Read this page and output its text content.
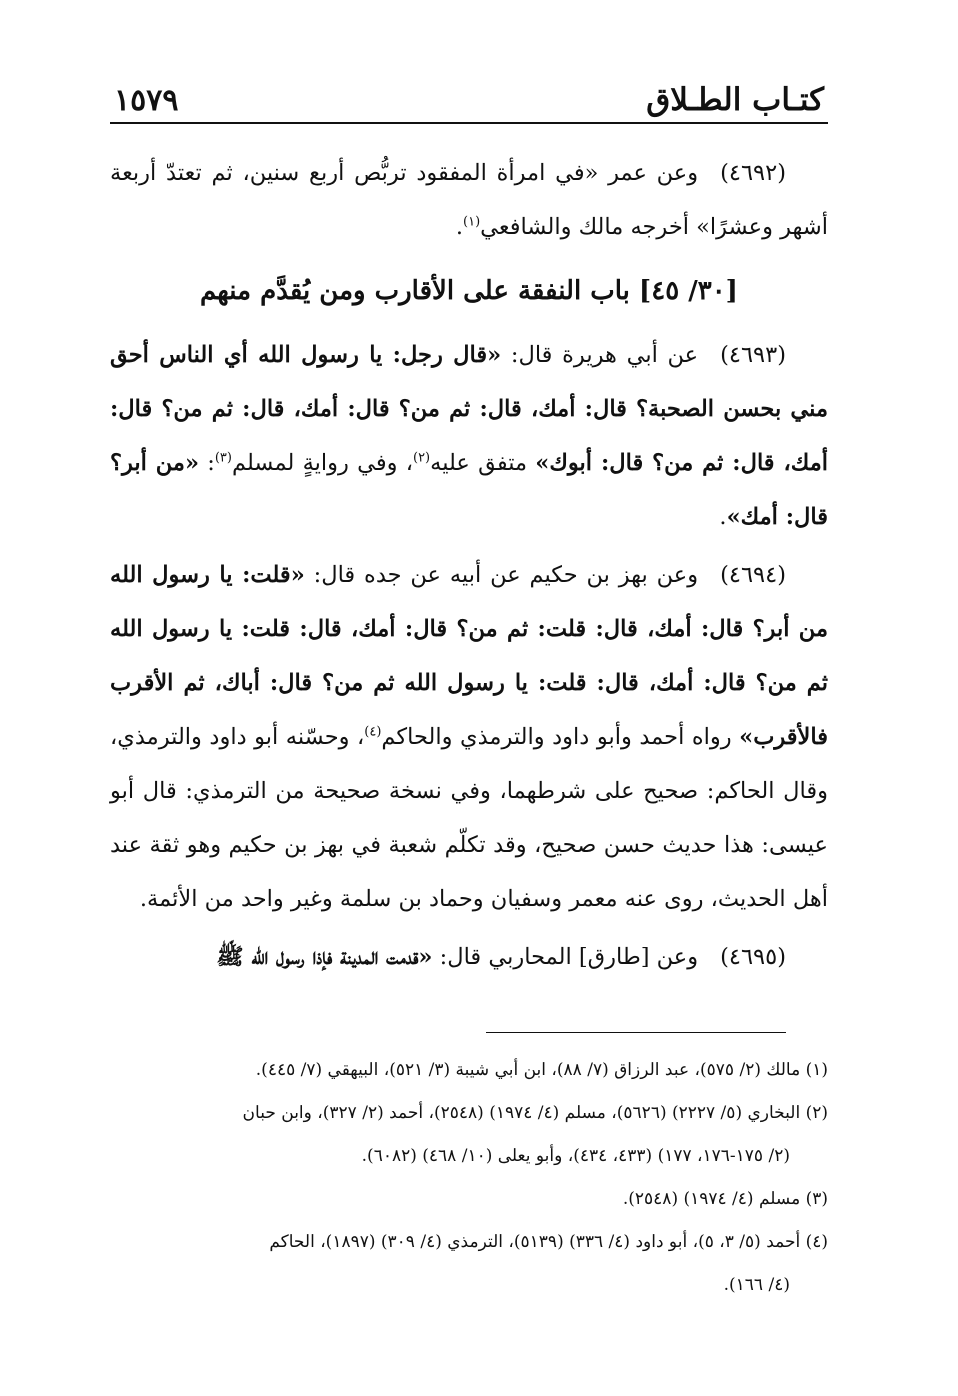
كتـاب الطـلاق
١٥٧٩

(٤٦٩٢)وعن عمر «في امرأة المفقود تربُّص أربع سنين، ثم تعتدّ أربعة أشهر وعشرًا» أخرجه مالك والشافعي$^{(١)}$.

[٣٠/ ٤٥] باب النفقة على الأقارب ومن يُقدَّم منهم

(٤٦٩٣)عن أبي هريرة قال: «قال رجل: يا رسول الله أي الناس أحق مني بحسن الصحبة؟ قال: أمك، قال: ثم من؟ قال: أمك، قال: ثم من؟ قال: أمك، قال: ثم من؟ قال: أبوك» متفق عليه$^{(٢)}$، وفي روايةٍ لمسلم$^{(٣)}$: «من أبر؟ قال: أمك».

(٤٦٩٤)وعن بهز بن حكيم عن أبيه عن جده قال: «قلت: يا رسول الله من أبر؟ قال: أمك، قال: قلت: ثم من؟ قال: أمك، قال: قلت: يا رسول الله ثم من؟ قال: أمك، قال: قلت: يا رسول الله ثم من؟ قال: أباك، ثم الأقرب فالأقرب» رواه أحمد وأبو داود والترمذي والحاكم$^{(٤)}$، وحسّنه أبو داود والترمذي، وقال الحاكم: صحيح على شرطهما، وفي نسخة صحيحة من الترمذي: قال أبو عيسى: هذا حديث حسن صحيح، وقد تكلّم شعبة في بهز بن حكيم وهو ثقة عند أهل الحديث، روى عنه معمر وسفيان وحماد بن سلمة وغير واحد من الأئمة.

(٤٦٩٥)وعن [طارق] المحاربي قال: «قدمت المدينة فإذا رسول الله ﷺ

(١) مالك (٢/ ٥٧٥)، عبد الرزاق (٧/ ٨٨)، ابن أبي شيبة (٣/ ٥٢١)، البيهقي (٧/ ٤٤٥).

(٢) البخاري (٥/ ٢٢٢٧) (٥٦٢٦)، مسلم (٤/ ١٩٧٤) (٢٥٤٨)، أحمد (٢/ ٣٢٧)، وابن حبان

(٢/ ١٧٥-١٧٦، ١٧٧) (٤٣٣، ٤٣٤)، وأبو يعلى (١٠/ ٤٦٨) (٦٠٨٢).

(٣) مسلم (٤/ ١٩٧٤) (٢٥٤٨).

(٤) أحمد (٥/ ٣، ٥)، أبو داود (٤/ ٣٣٦) (٥١٣٩)، الترمذي (٤/ ٣٠٩) (١٨٩٧)، الحاكم

(٤/ ١٦٦).
